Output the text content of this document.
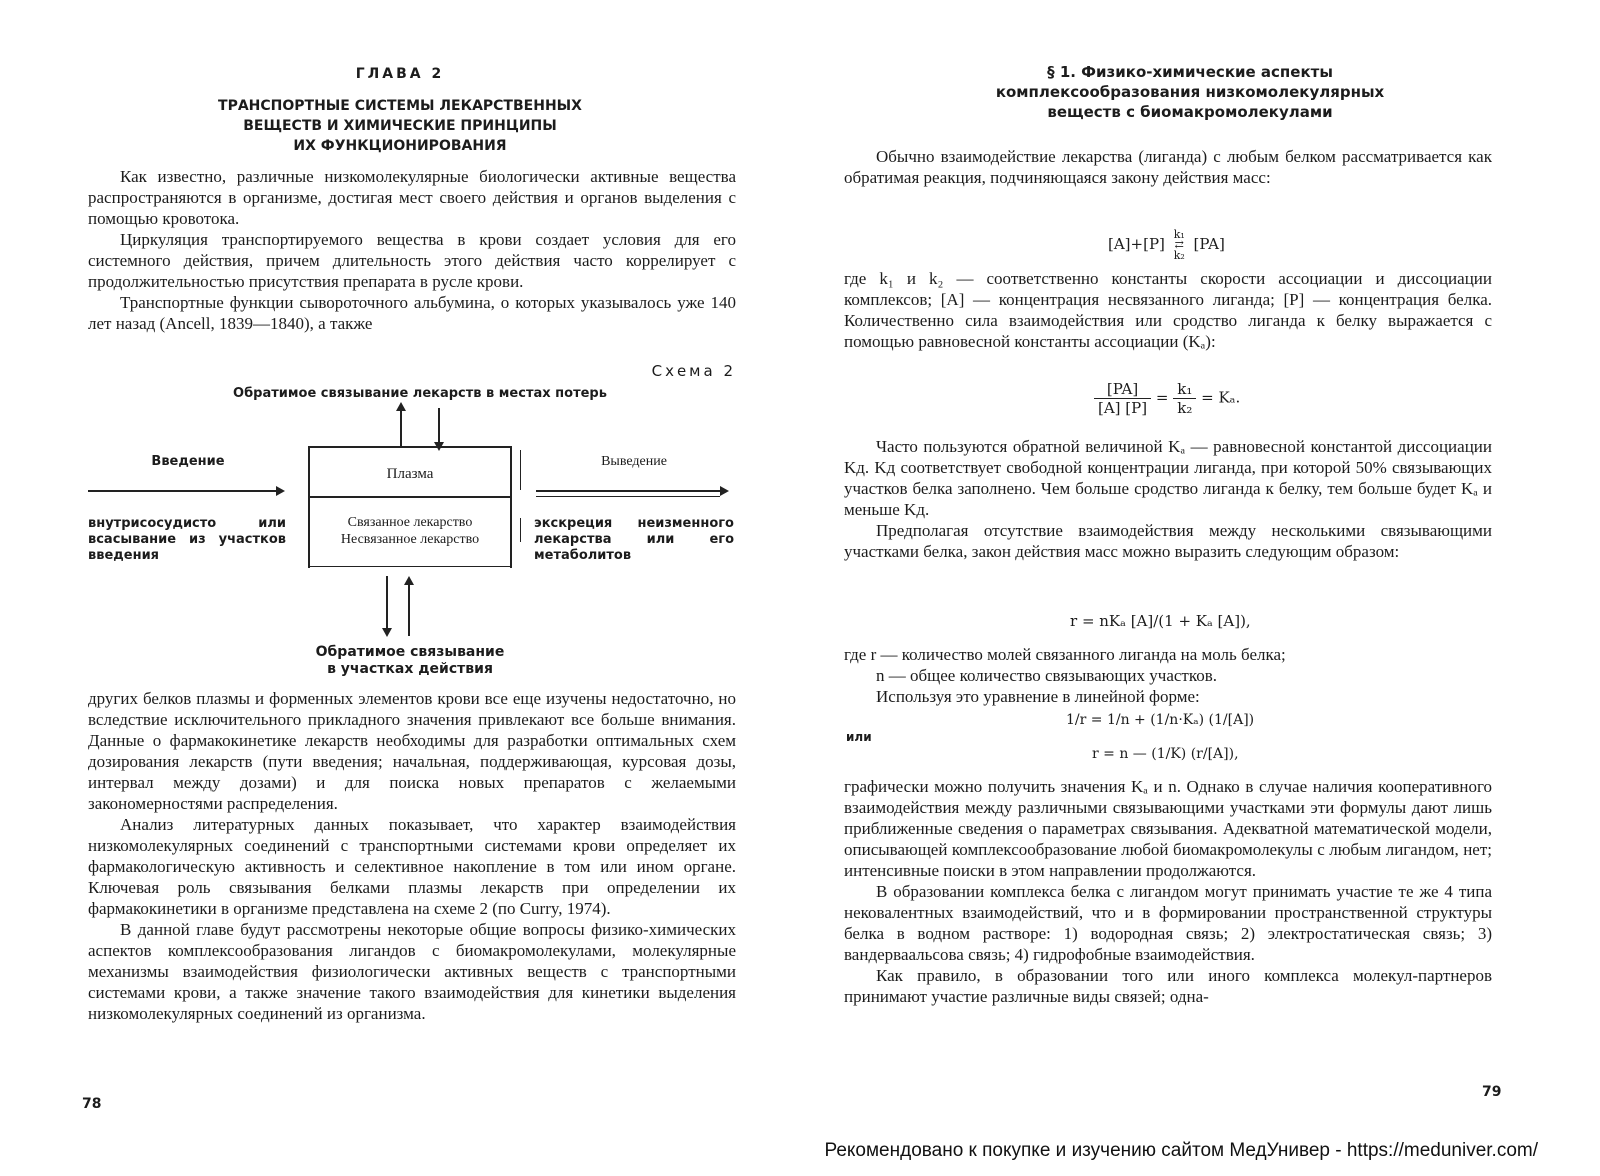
ГЛАВА 2
ТРАНСПОРТНЫЕ СИСТЕМЫ ЛЕКАРСТВЕННЫХ
ВЕЩЕСТВ И ХИМИЧЕСКИЕ ПРИНЦИПЫ
ИХ ФУНКЦИОНИРОВАНИЯ

Как известно, различные низкомолекулярные биологически активные вещества распространяются в организме, достигая мест своего действия и органов выделения с помощью кровотока.

Циркуляция транспортируемого вещества в крови создает условия для его системного действия, причем длительность этого действия часто коррелирует с продолжительностью присутствия препарата в русле крови.

Транспортные функции сывороточного альбумина, о которых указывалось уже 140 лет назад (Ancell, 1839—1840), а также

Схема 2
Обратимое связывание лекарств в местах потерь
Плазма
Связанное лекарство
Несвязанное лекарство
Введение
внутрисосудисто или всасывание из участков введения
Выведение
экскреция неизменного лекарства или его метаболитов
Обратимое связывание
в участках действия

других белков плазмы и форменных элементов крови все еще изучены недостаточно, но вследствие исключительного прикладного значения привлекают все больше внимания. Данные о фармакокинетике лекарств необходимы для разработки оптимальных схем дозирования лекарств (пути введения; начальная, поддерживающая, курсовая дозы, интервал между дозами) и для поиска новых препаратов с желаемыми закономерностями распределения.

Анализ литературных данных показывает, что характер взаимодействия низкомолекулярных соединений с транспортными системами крови определяет их фармакологическую активность и селективное накопление в том или ином органе. Ключевая роль связывания белками плазмы лекарств при определении их фармакокинетики в организме представлена на схеме 2 (по Curry, 1974).

В данной главе будут рассмотрены некоторые общие вопросы физико-химических аспектов комплексообразования лигандов с биомакромолекулами, молекулярные механизмы взаимодействия физиологически активных веществ с транспортными системами крови, а также значение такого взаимодействия для кинетики выделения низкомолекулярных соединений из организма.

78
§ 1. Физико-химические аспекты
комплексообразования низкомолекулярных
веществ с биомакромолекулами

Обычно взаимодействие лекарства (лиганда) с любым белком рассматривается как обратимая реакция, подчиняющаяся закону действия масс:

[A]+[P]
k₁
⇄
k₂
[PA]

где k₁ и k₂ — соответственно константы скорости ассоциации и диссоциации комплексов; [A] — концентрация несвязанного лиганда; [P] — концентрация белка. Количественно сила взаимодействия или сродство лиганда к белку выражается с помощью равновесной константы ассоциации (Kₐ):

$\frac{[PA]}{[A] [P]} = \frac{\text{k₁}}{\text{k₂}} = K_a$.

Часто пользуются обратной величиной Kₐ — равновесной константой диссоциации Kд. Kд соответствует свободной концентрации лиганда, при которой 50% связывающих участков белка заполнено. Чем больше сродство лиганда к белку, тем больше будет Kₐ и меньше Kд.

Предполагая отсутствие взаимодействия между несколькими связывающими участками белка, закон действия масс можно выразить следующим образом:

r = nKₐ [A]/(1 + Kₐ [A]),

где r — количество молей связанного лиганда на моль белка;

n — общее количество связывающих участков.

Используя это уравнение в линейной форме:

1/r = 1/n + (1/n·Kₐ) (1/[A])
или
r = n — (1/K) (r/[A]),

графически можно получить значения Kₐ и n. Однако в случае наличия кооперативного взаимодействия между различными связывающими участками эти формулы дают лишь приближенные сведения о параметрах связывания. Адекватной математической модели, описывающей комплексообразование любой биомакромолекулы с любым лигандом, нет; интенсивные поиски в этом направлении продолжаются.

В образовании комплекса белка с лигандом могут принимать участие те же 4 типа нековалентных взаимодействий, что и в формировании пространственной структуры белка в водном растворе: 1) водородная связь; 2) электростатическая связь; 3) вандерваальсова связь; 4) гидрофобные взаимодействия.

Как правило, в образовании того или иного комплекса молекул-партнеров принимают участие различные виды связей; одна-

79
Рекомендовано к покупке и изучению сайтом МедУнивер - https://meduniver.com/
